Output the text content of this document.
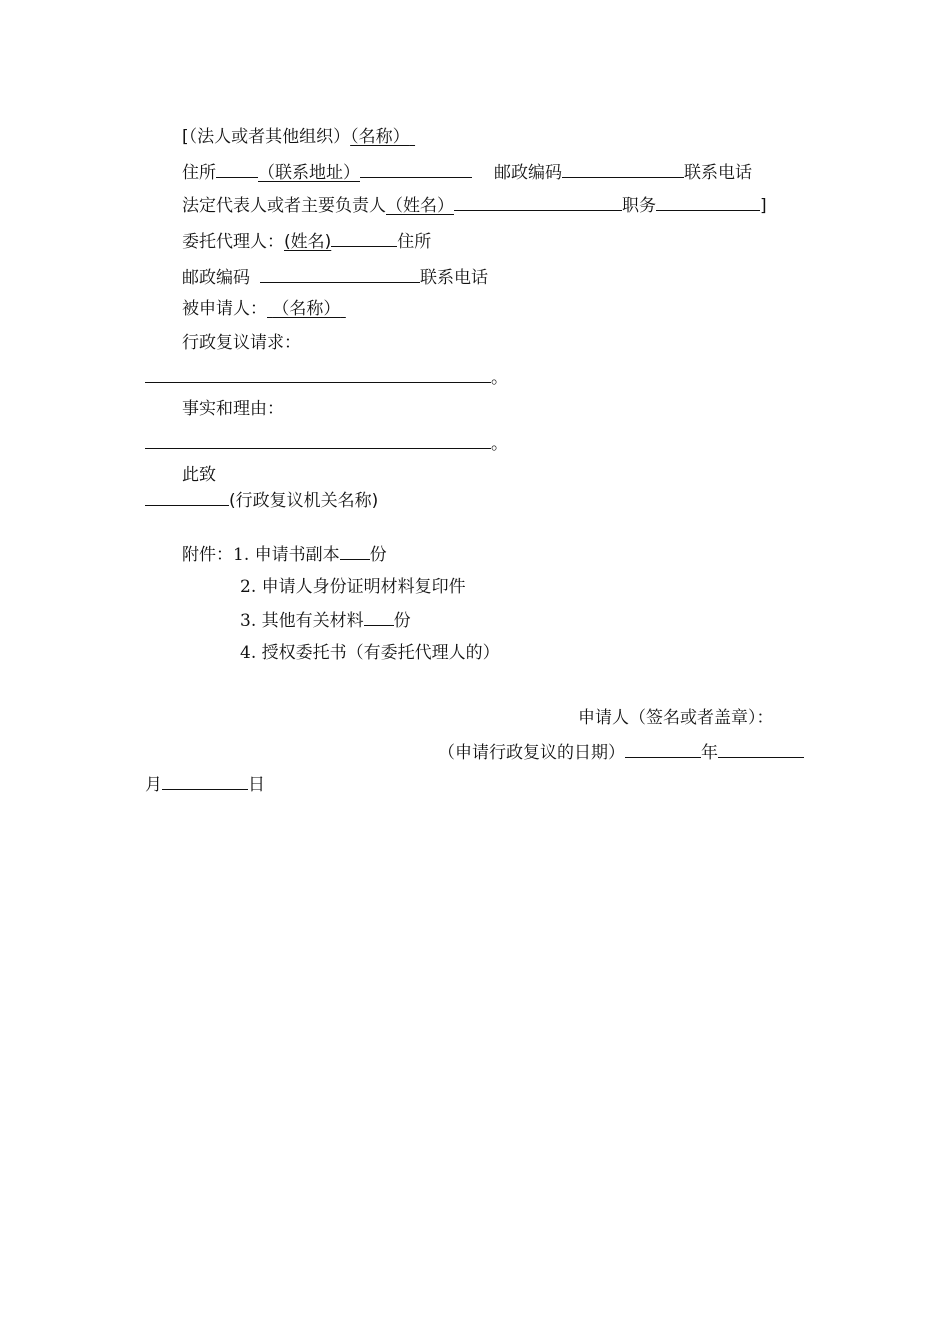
[（法人或者其他组织）（名称）
住所 （联系地址）	邮政编码	联系电话
法定代表人或者主要负责人（姓名）	职务	]
委托代理人：(姓名)	住所
邮政编码	联系电话
被申请人： （名称）
行政复议请求：
。
事实和理由：
。
此致
(行政复议机关名称)
附件：1. 申请书副本 份
2. 申请人身份证明材料复印件
3. 其他有关材料 份
4. 授权委托书（有委托代理人的）
申请人（签名或者盖章）：
（申请行政复议的日期）	年
月	日
